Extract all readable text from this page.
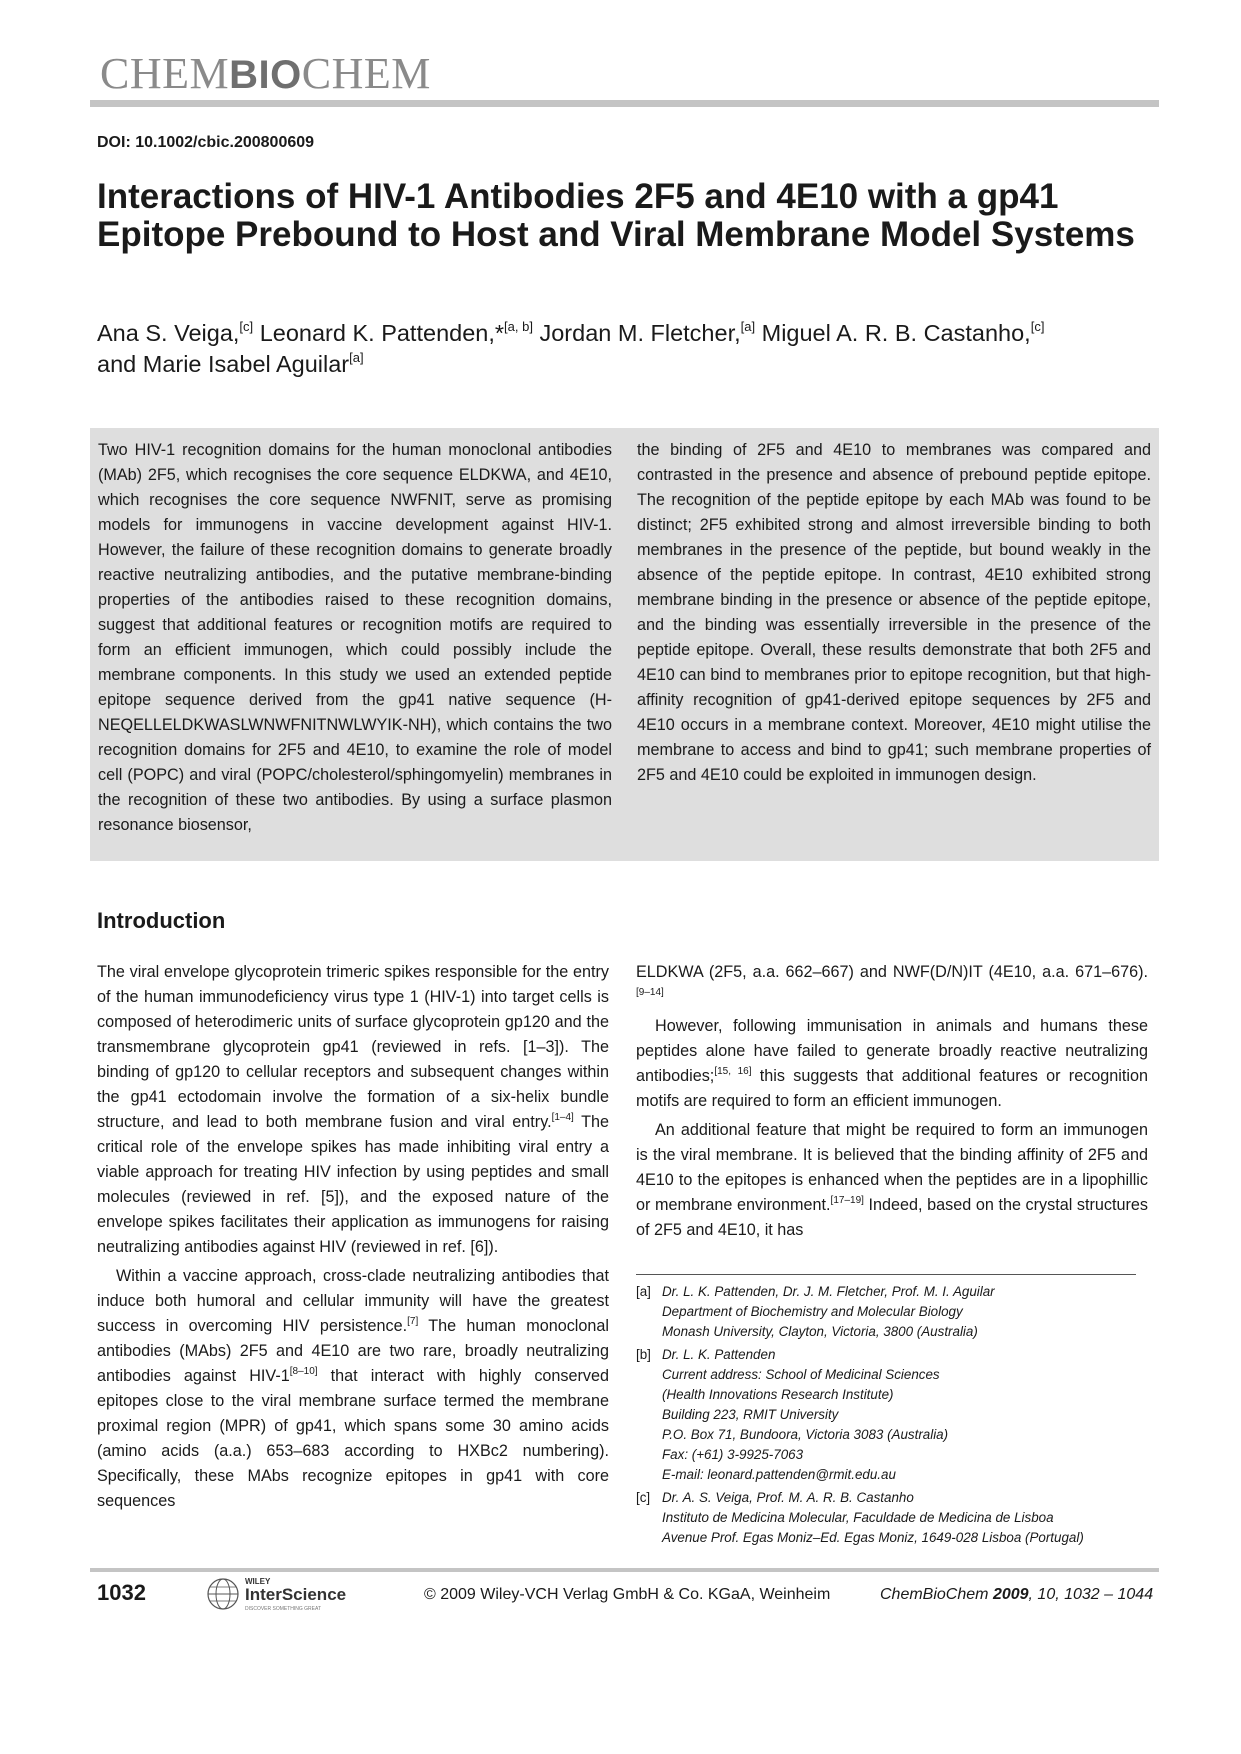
CHEMBIOCHEM
DOI: 10.1002/cbic.200800609
Interactions of HIV-1 Antibodies 2F5 and 4E10 with a gp41 Epitope Prebound to Host and Viral Membrane Model Systems
Ana S. Veiga,[c] Leonard K. Pattenden,*[a, b] Jordan M. Fletcher,[a] Miguel A. R. B. Castanho,[c]
and Marie Isabel Aguilar[a]
Two HIV-1 recognition domains for the human monoclonal antibodies (MAb) 2F5, which recognises the core sequence ELDKWA, and 4E10, which recognises the core sequence NWFNIT, serve as promising models for immunogens in vaccine development against HIV-1. However, the failure of these recognition domains to generate broadly reactive neutralizing antibodies, and the putative membrane-binding properties of the antibodies raised to these recognition domains, suggest that additional features or recognition motifs are required to form an efficient immunogen, which could possibly include the membrane components. In this study we used an extended peptide epitope sequence derived from the gp41 native sequence (H-NEQELLELDKWASLWNWFNITNWLWYIK-NH), which contains the two recognition domains for 2F5 and 4E10, to examine the role of model cell (POPC) and viral (POPC/cholesterol/sphingomyelin) membranes in the recognition of these two antibodies. By using a surface plasmon resonance biosensor,
the binding of 2F5 and 4E10 to membranes was compared and contrasted in the presence and absence of prebound peptide epitope. The recognition of the peptide epitope by each MAb was found to be distinct; 2F5 exhibited strong and almost irreversible binding to both membranes in the presence of the peptide, but bound weakly in the absence of the peptide epitope. In contrast, 4E10 exhibited strong membrane binding in the presence or absence of the peptide epitope, and the binding was essentially irreversible in the presence of the peptide epitope. Overall, these results demonstrate that both 2F5 and 4E10 can bind to membranes prior to epitope recognition, but that high-affinity recognition of gp41-derived epitope sequences by 2F5 and 4E10 occurs in a membrane context. Moreover, 4E10 might utilise the membrane to access and bind to gp41; such membrane properties of 2F5 and 4E10 could be exploited in immunogen design.
Introduction

The viral envelope glycoprotein trimeric spikes responsible for the entry of the human immunodeficiency virus type 1 (HIV-1) into target cells is composed of heterodimeric units of surface glycoprotein gp120 and the transmembrane glycoprotein gp41 (reviewed in refs. [1–3]). The binding of gp120 to cellular receptors and subsequent changes within the gp41 ectodomain involve the formation of a six-helix bundle structure, and lead to both membrane fusion and viral entry.[1–4] The critical role of the envelope spikes has made inhibiting viral entry a viable approach for treating HIV infection by using peptides and small molecules (reviewed in ref. [5]), and the exposed nature of the envelope spikes facilitates their application as immunogens for raising neutralizing antibodies against HIV (reviewed in ref. [6]).

Within a vaccine approach, cross-clade neutralizing antibodies that induce both humoral and cellular immunity will have the greatest success in overcoming HIV persistence.[7] The human monoclonal antibodies (MAbs) 2F5 and 4E10 are two rare, broadly neutralizing antibodies against HIV-1[8–10] that interact with highly conserved epitopes close to the viral membrane surface termed the membrane proximal region (MPR) of gp41, which spans some 30 amino acids (amino acids (a.a.) 653–683 according to HXBc2 numbering). Specifically, these MAbs recognize epitopes in gp41 with core sequences

ELDKWA (2F5, a.a. 662–667) and NWF(D/N)IT (4E10, a.a. 671–676).[9–14]

However, following immunisation in animals and humans these peptides alone have failed to generate broadly reactive neutralizing antibodies;[15, 16] this suggests that additional features or recognition motifs are required to form an efficient immunogen.

An additional feature that might be required to form an immunogen is the viral membrane. It is believed that the binding affinity of 2F5 and 4E10 to the epitopes is enhanced when the peptides are in a lipophillic or membrane environment.[17–19] Indeed, based on the crystal structures of 2F5 and 4E10, it has

[a] Dr. L. K. Pattenden, Dr. J. M. Fletcher, Prof. M. I. Aguilar
Department of Biochemistry and Molecular Biology
Monash University, Clayton, Victoria, 3800 (Australia)
[b] Dr. L. K. Pattenden
Current address: School of Medicinal Sciences
(Health Innovations Research Institute)
Building 223, RMIT University
P.O. Box 71, Bundoora, Victoria 3083 (Australia)
Fax: (+61) 3-9925-7063
E-mail: leonard.pattenden@rmit.edu.au
[c] Dr. A. S. Veiga, Prof. M. A. R. B. Castanho
Instituto de Medicina Molecular, Faculdade de Medicina de Lisboa
Avenue Prof. Egas Moniz–Ed. Egas Moniz, 1649-028 Lisboa (Portugal)
1032	WILEY
InterScience
DISCOVER SOMETHING GREAT
© 2009 Wiley-VCH Verlag GmbH & Co. KGaA, Weinheim	ChemBioChem 2009, 10, 1032 – 1044
